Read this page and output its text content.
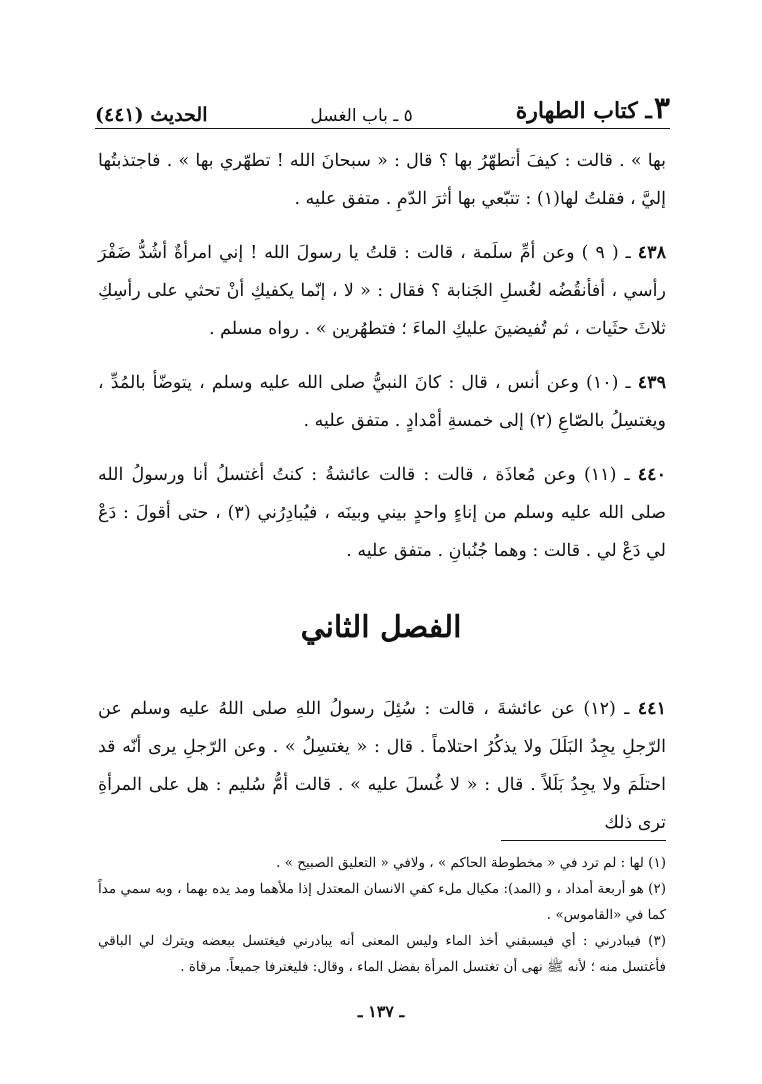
٣ـ كتاب الطهارة
٥ ـ باب الغسل
الحديث (٤٤١)

بها » . قالت : كيفَ أتطهّرُ بها ؟ قال : « سبحانَ الله ! تطهّري بها » . فاجتذبتُها إليَّ ، فقلتُ لها(١) : تتبّعي بها أثرَ الدّمِ . متفق عليه .

٤٣٨ ـ ( ٩ ) وعن أمِّ سلَمة ، قالت : قلتُ يا رسولَ الله ! إني امرأةٌ أشُدُّ ضَفْرَ رأسي ، أفأنقُضُه لغُسلِ الجَنابة ؟ فقال : « لا ، إنّما يكفيكِ أنْ تحثي على رأسِكِ ثلاثَ حثَيات ، ثم تُفيضينَ عليكِ الماءَ ؛ فتطهُرين » . رواه مسلم .

٤٣٩ ـ (١٠) وعن أنس ، قال : كانَ النبيُّ صلى الله عليه وسلم ، يتوضّأ بالمُدِّ ، ويغتسِلُ بالصّاعِ (٢) إلى خمسةِ أمْدادٍ . متفق عليه .

٤٤٠ ـ (١١) وعن مُعاذَة ، قالت : قالت عائشةُ : كنتُ أغتسلُ أنا ورسولُ الله صلى الله عليه وسلم من إناءٍ واحدٍ بيني وبينَه ، فيُبادِرُني (٣) ، حتى أقولَ : دَعْ لي دَعْ لي . قالت : وهما جُنُبانِ . متفق عليه .

الفصل الثاني

٤٤١ ـ (١٢) عن عائشةَ ، قالت : سُئِلَ رسولُ اللهِ صلى اللهُ عليه وسلم عن الرّجلِ يجِدُ البَلَلَ ولا يذكُرُ احتلاماً . قال : « يغتسِلُ » . وعن الرّجلِ يرى أنّه قد احتلَمَ ولا يجِدُ بَلَلاً . قال : « لا غُسلَ عليه » . قالت أمُّ سُليم : هل على المرأةِ ترى ذلك

(١) لها : لم ترد في « مخطوطة الحاكم » ، ولافي « التعليق الصبيح » .

(٢) هو أربعة أمداد ، و (المد): مكيال ملء كفي الانسان المعتدل إذا ملأهما ومد يده بهما ، وبه سمي مداً كما في «القاموس» .

(٣) فيبادرني : أي فيسبقني أخذ الماء وليس المعنى أنه يبادرني فيغتسل ببعضه ويترك لي الباقي فأغتسل منه ؛ لأنه ﷺ نهى أن تغتسل المرأة بفضل الماء ، وقال: فليغترفا جميعاً. مرقاة .

ـ ١٣٧ ـ
